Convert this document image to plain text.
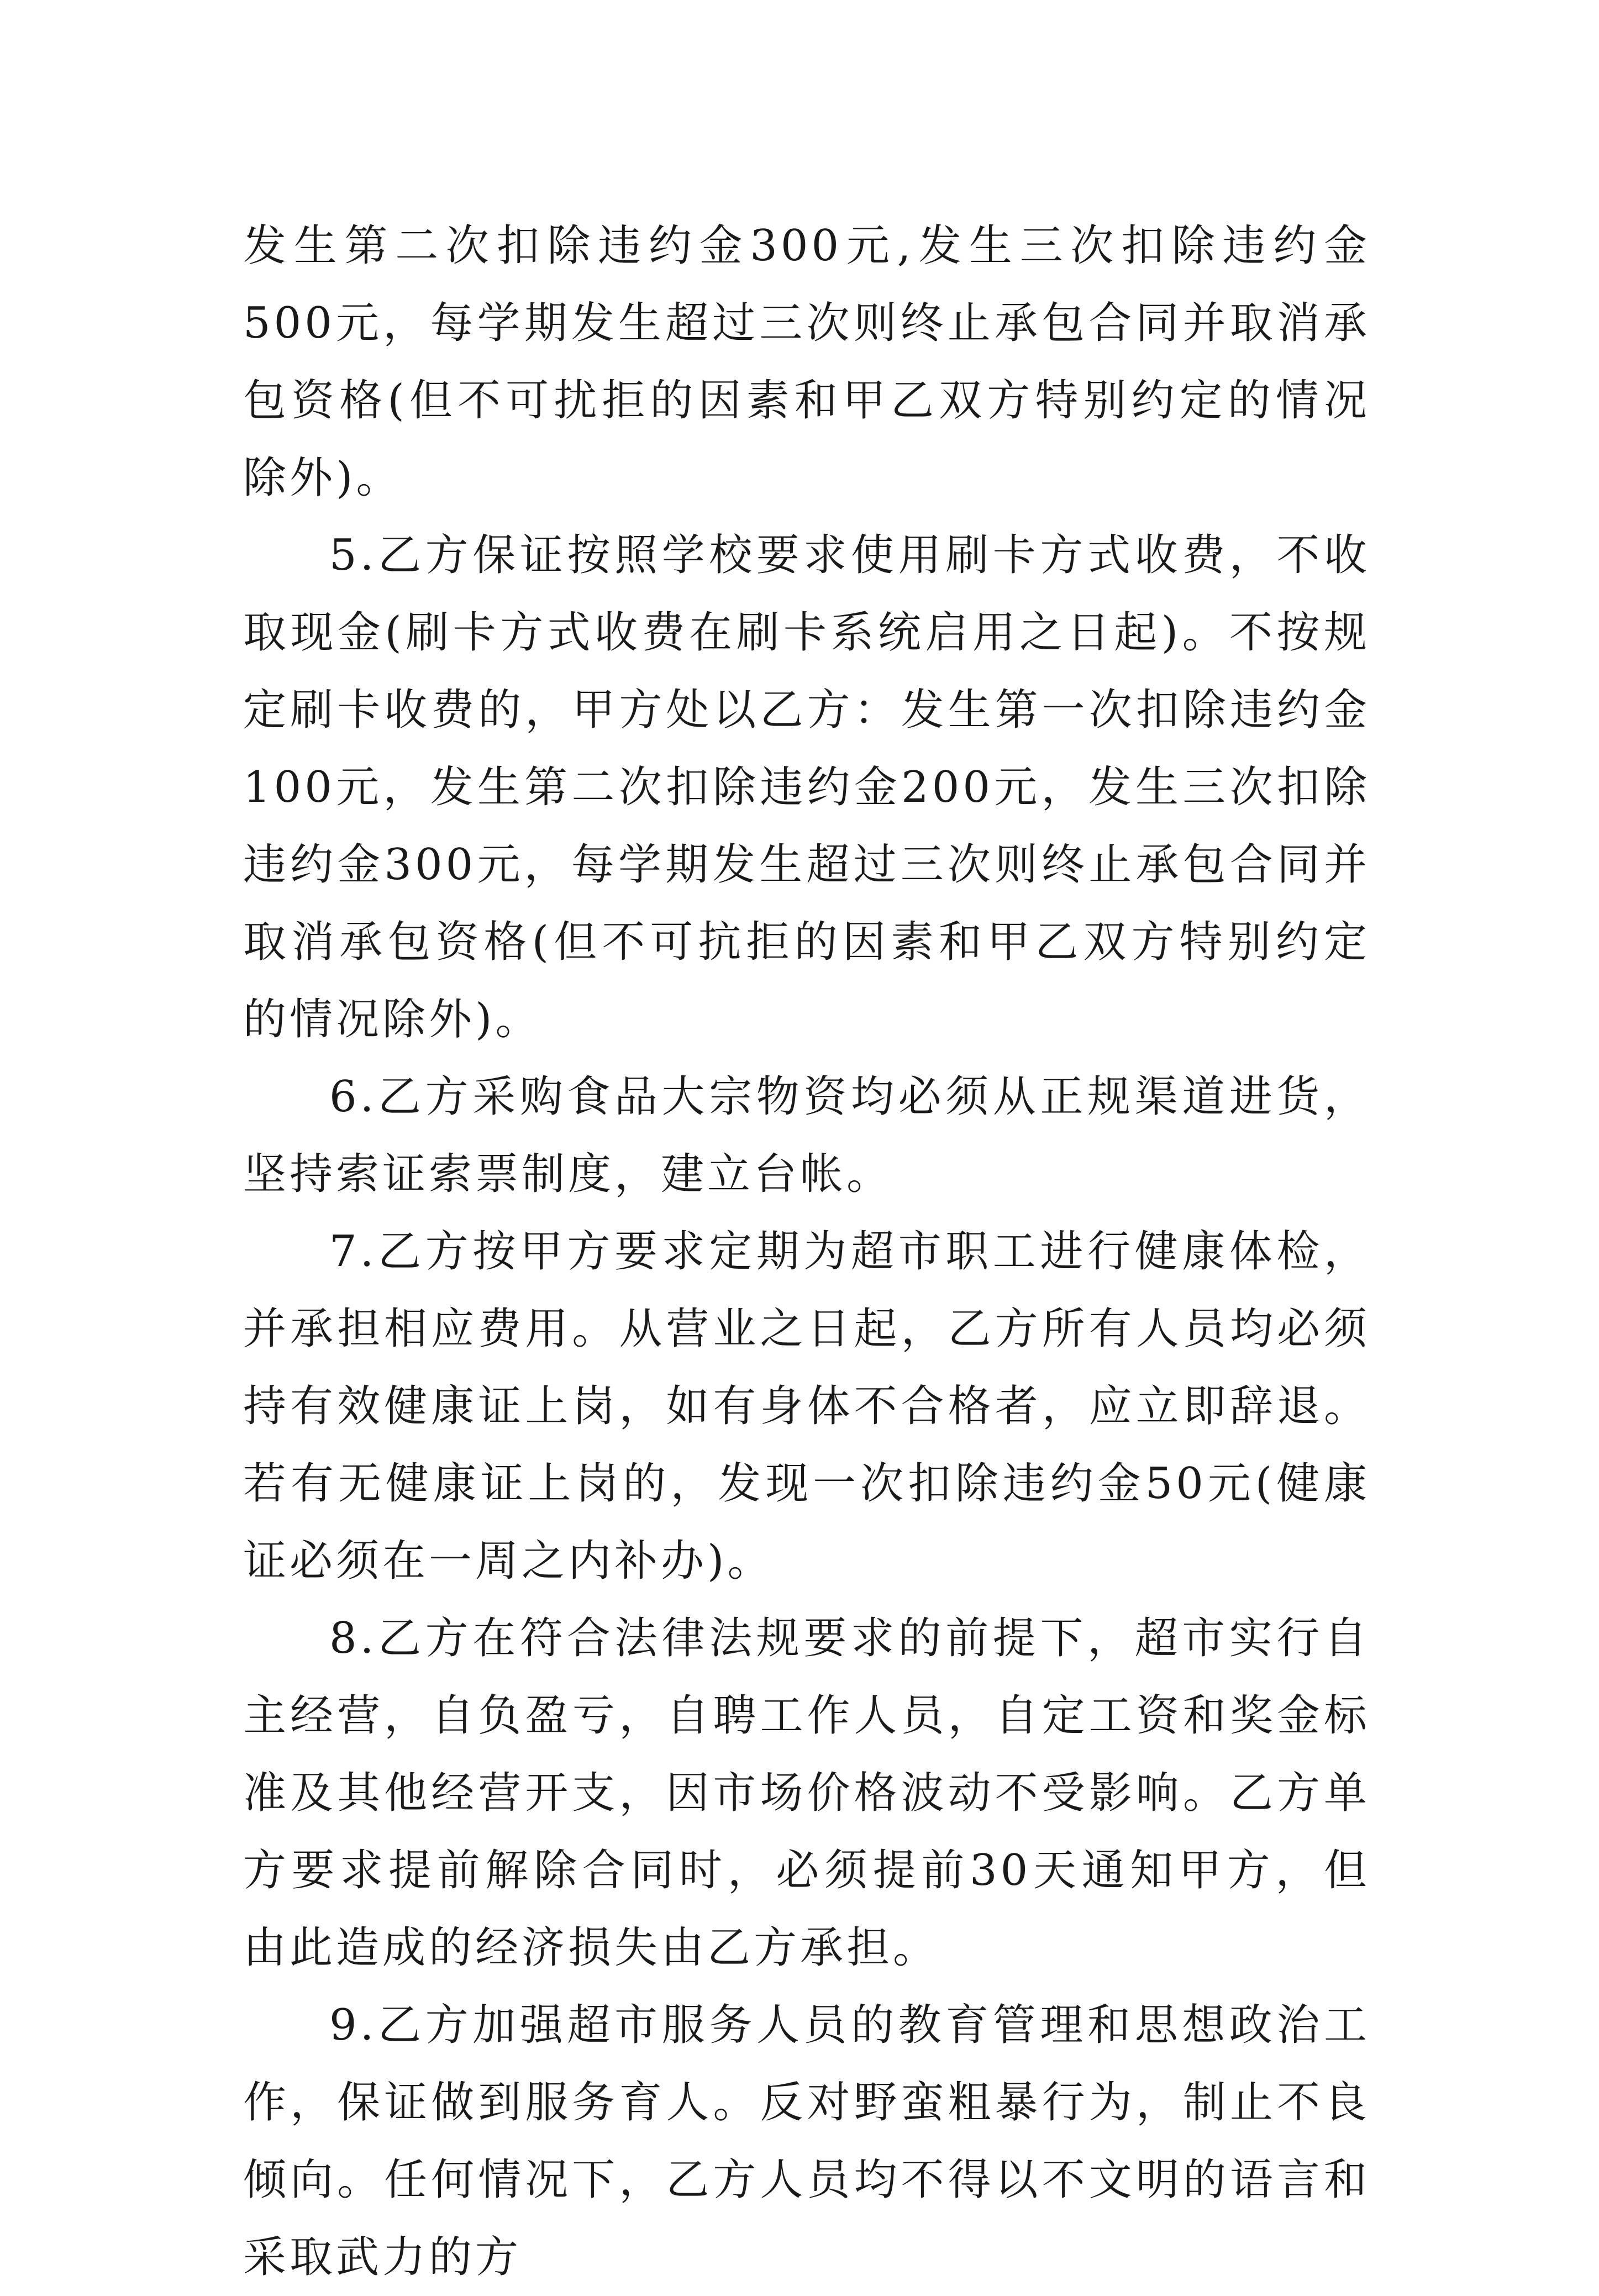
发生第二次扣除违约金300元,发生三次扣除违约金500元，每学期发生超过三次则终止承包合同并取消承包资格(但不可扰拒的因素和甲乙双方特别约定的情况除外)。

5.乙方保证按照学校要求使用刷卡方式收费，不收取现金(刷卡方式收费在刷卡系统启用之日起)。不按规定刷卡收费的，甲方处以乙方：发生第一次扣除违约金100元，发生第二次扣除违约金200元，发生三次扣除违约金300元，每学期发生超过三次则终止承包合同并取消承包资格(但不可抗拒的因素和甲乙双方特别约定的情况除外)。

6.乙方采购食品大宗物资均必须从正规渠道进货，坚持索证索票制度，建立台帐。

7.乙方按甲方要求定期为超市职工进行健康体检，并承担相应费用。从营业之日起，乙方所有人员均必须持有效健康证上岗，如有身体不合格者，应立即辞退。若有无健康证上岗的，发现一次扣除违约金50元(健康证必须在一周之内补办)。

8.乙方在符合法律法规要求的前提下，超市实行自主经营，自负盈亏，自聘工作人员，自定工资和奖金标准及其他经营开支，因市场价格波动不受影响。乙方单方要求提前解除合同时，必须提前30天通知甲方，但由此造成的经济损失由乙方承担。

9.乙方加强超市服务人员的教育管理和思想政治工作，保证做到服务育人。反对野蛮粗暴行为，制止不良倾向。任何情况下，乙方人员均不得以不文明的语言和采取武力的方
